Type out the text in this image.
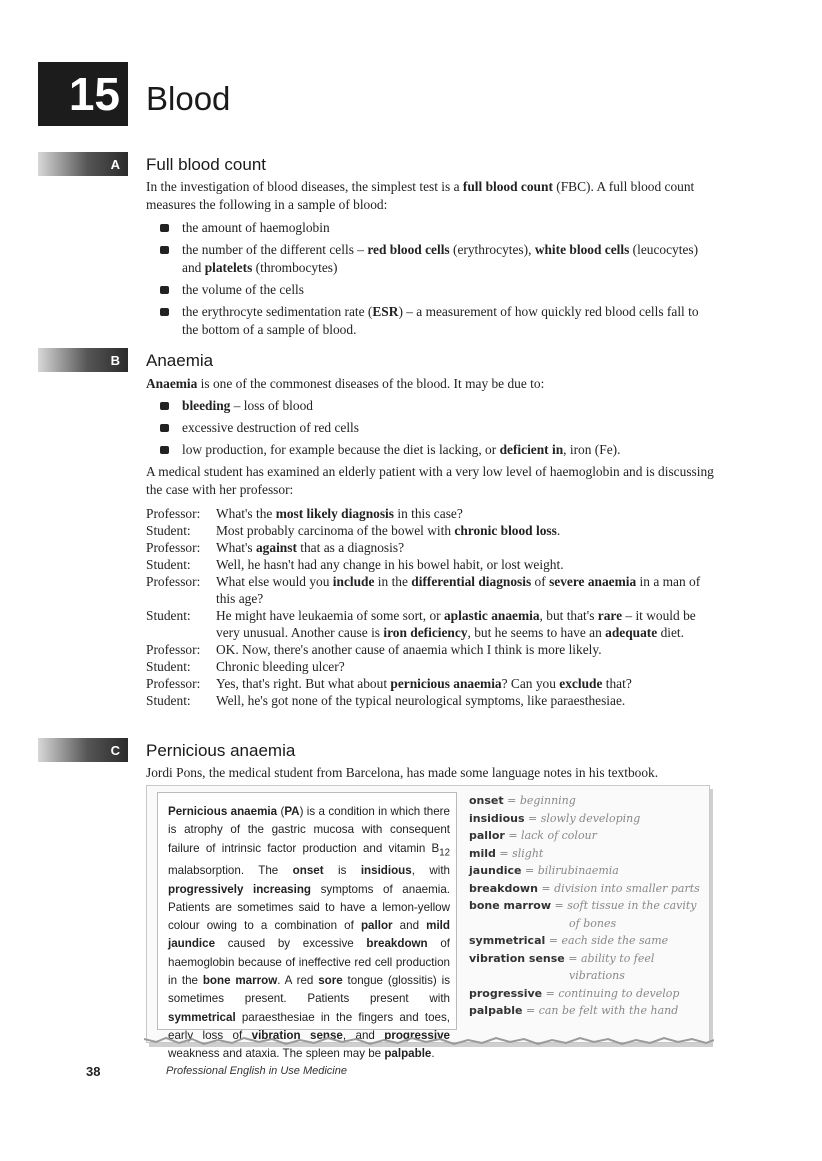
15 Blood
A	Full blood count

In the investigation of blood diseases, the simplest test is a full blood count (FBC). A full blood count measures the following in a sample of blood:

the amount of haemoglobin
the number of the different cells – red blood cells (erythrocytes), white blood cells (leucocytes) and platelets (thrombocytes)
the volume of the cells
the erythrocyte sedimentation rate (ESR) – a measurement of how quickly red blood cells fall to the bottom of a sample of blood.
B	Anaemia

Anaemia is one of the commonest diseases of the blood. It may be due to:

bleeding – loss of blood
excessive destruction of red cells
low production, for example because the diet is lacking, or deficient in, iron (Fe).

A medical student has examined an elderly patient with a very low level of haemoglobin and is discussing the case with her professor:

Professor:	What's the most likely diagnosis in this case?
Student:	Most probably carcinoma of the bowel with chronic blood loss.
Professor:	What's against that as a diagnosis?
Student:	Well, he hasn't had any change in his bowel habit, or lost weight.
Professor:	What else would you include in the differential diagnosis of severe anaemia in a man of this age?
Student:	He might have leukaemia of some sort, or aplastic anaemia, but that's rare – it would be very unusual. Another cause is iron deficiency, but he seems to have an adequate diet.
Professor:	OK. Now, there's another cause of anaemia which I think is more likely.
Student:	Chronic bleeding ulcer?
Professor:	Yes, that's right. But what about pernicious anaemia? Can you exclude that?
Student:	Well, he's got none of the typical neurological symptoms, like paraesthesiae.
C	Pernicious anaemia

Jordi Pons, the medical student from Barcelona, has made some language notes in his textbook.

Pernicious anaemia (PA) is a condition in which there is atrophy of the gastric mucosa with consequent failure of intrinsic factor production and vitamin $B_{12}$ malabsorption. The onset is insidious, with progressively increasing symptoms of anaemia. Patients are sometimes said to have a lemon-yellow colour owing to a combination of pallor and mild jaundice caused by excessive breakdown of haemoglobin because of ineffective red cell production in the bone marrow. A red sore tongue (glossitis) is sometimes present. Patients present with symmetrical paraesthesiae in the fingers and toes, early loss of vibration sense, and progressive weakness and ataxia. The spleen may be palpable.
onset = beginning
insidious = slowly developing
pallor = lack of colour
mild = slight
jaundice = bilirubinaemia
breakdown = division into smaller parts
bone marrow = soft tissue in the cavity
of bones
symmetrical = each side the same
vibration sense = ability to feel
vibrations
progressive = continuing to develop
palpable = can be felt with the hand
38	Professional English in Use Medicine
